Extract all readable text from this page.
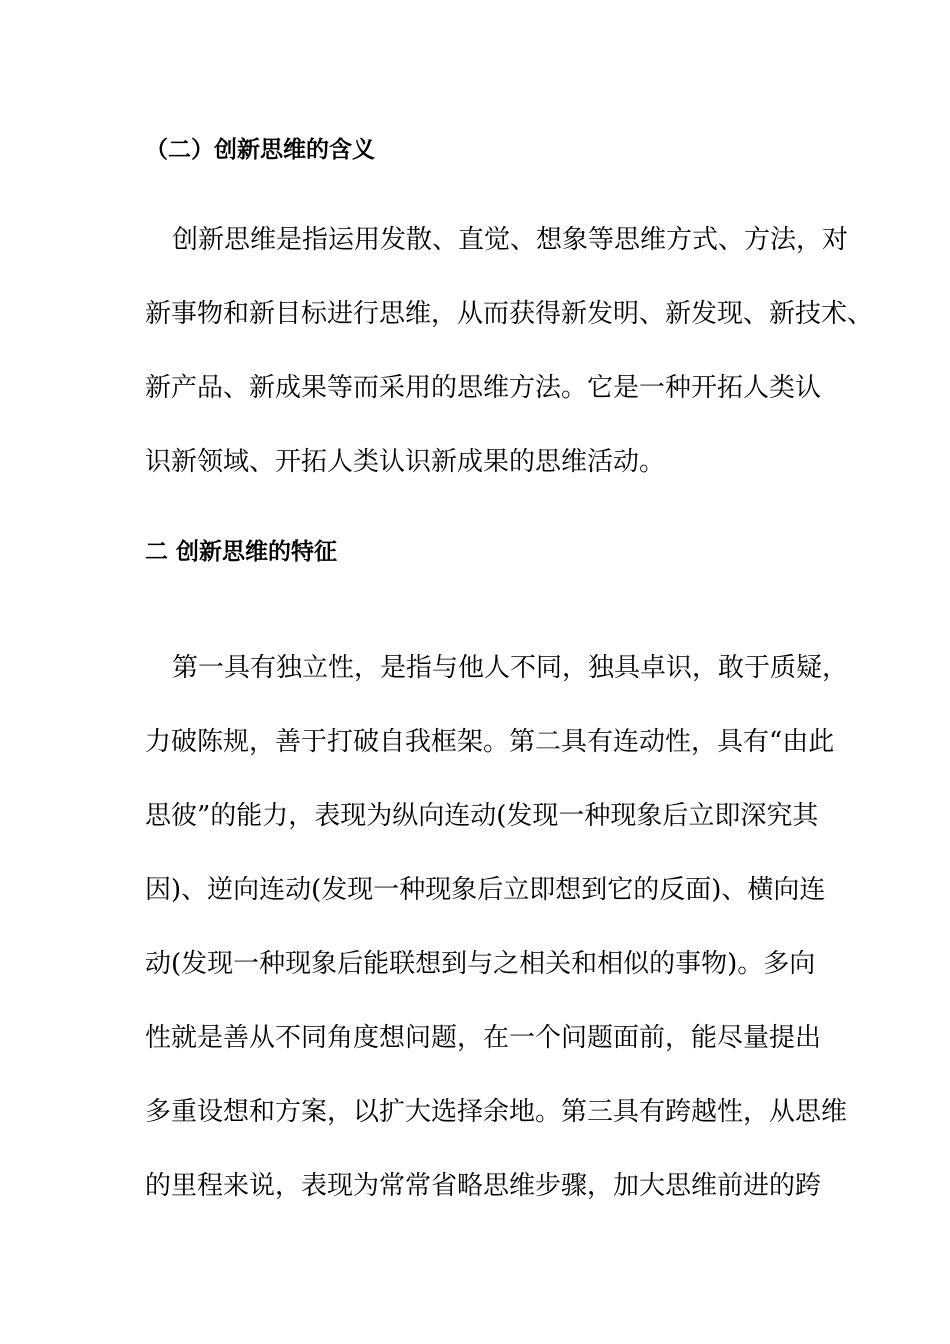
（二）创新思维的含义

创新思维是指运用发散、直觉、想象等思维方式、方法，对

新事物和新目标进行思维，从而获得新发明、新发现、新技术、

新产品、新成果等而采用的思维方法。它是一种开拓人类认

识新领域、开拓人类认识新成果的思维活动。

二 创新思维的特征

第一具有独立性，是指与他人不同，独具卓识，敢于质疑，

力破陈规，善于打破自我框架。第二具有连动性，具有“由此

思彼”的能力，表现为纵向连动(发现一种现象后立即深究其

因)、逆向连动(发现一种现象后立即想到它的反面)、横向连

动(发现一种现象后能联想到与之相关和相似的事物)。多向

性就是善从不同角度想问题，在一个问题面前，能尽量提出

多重设想和方案，以扩大选择余地。第三具有跨越性，从思维

的里程来说，表现为常常省略思维步骤，加大思维前进的跨
